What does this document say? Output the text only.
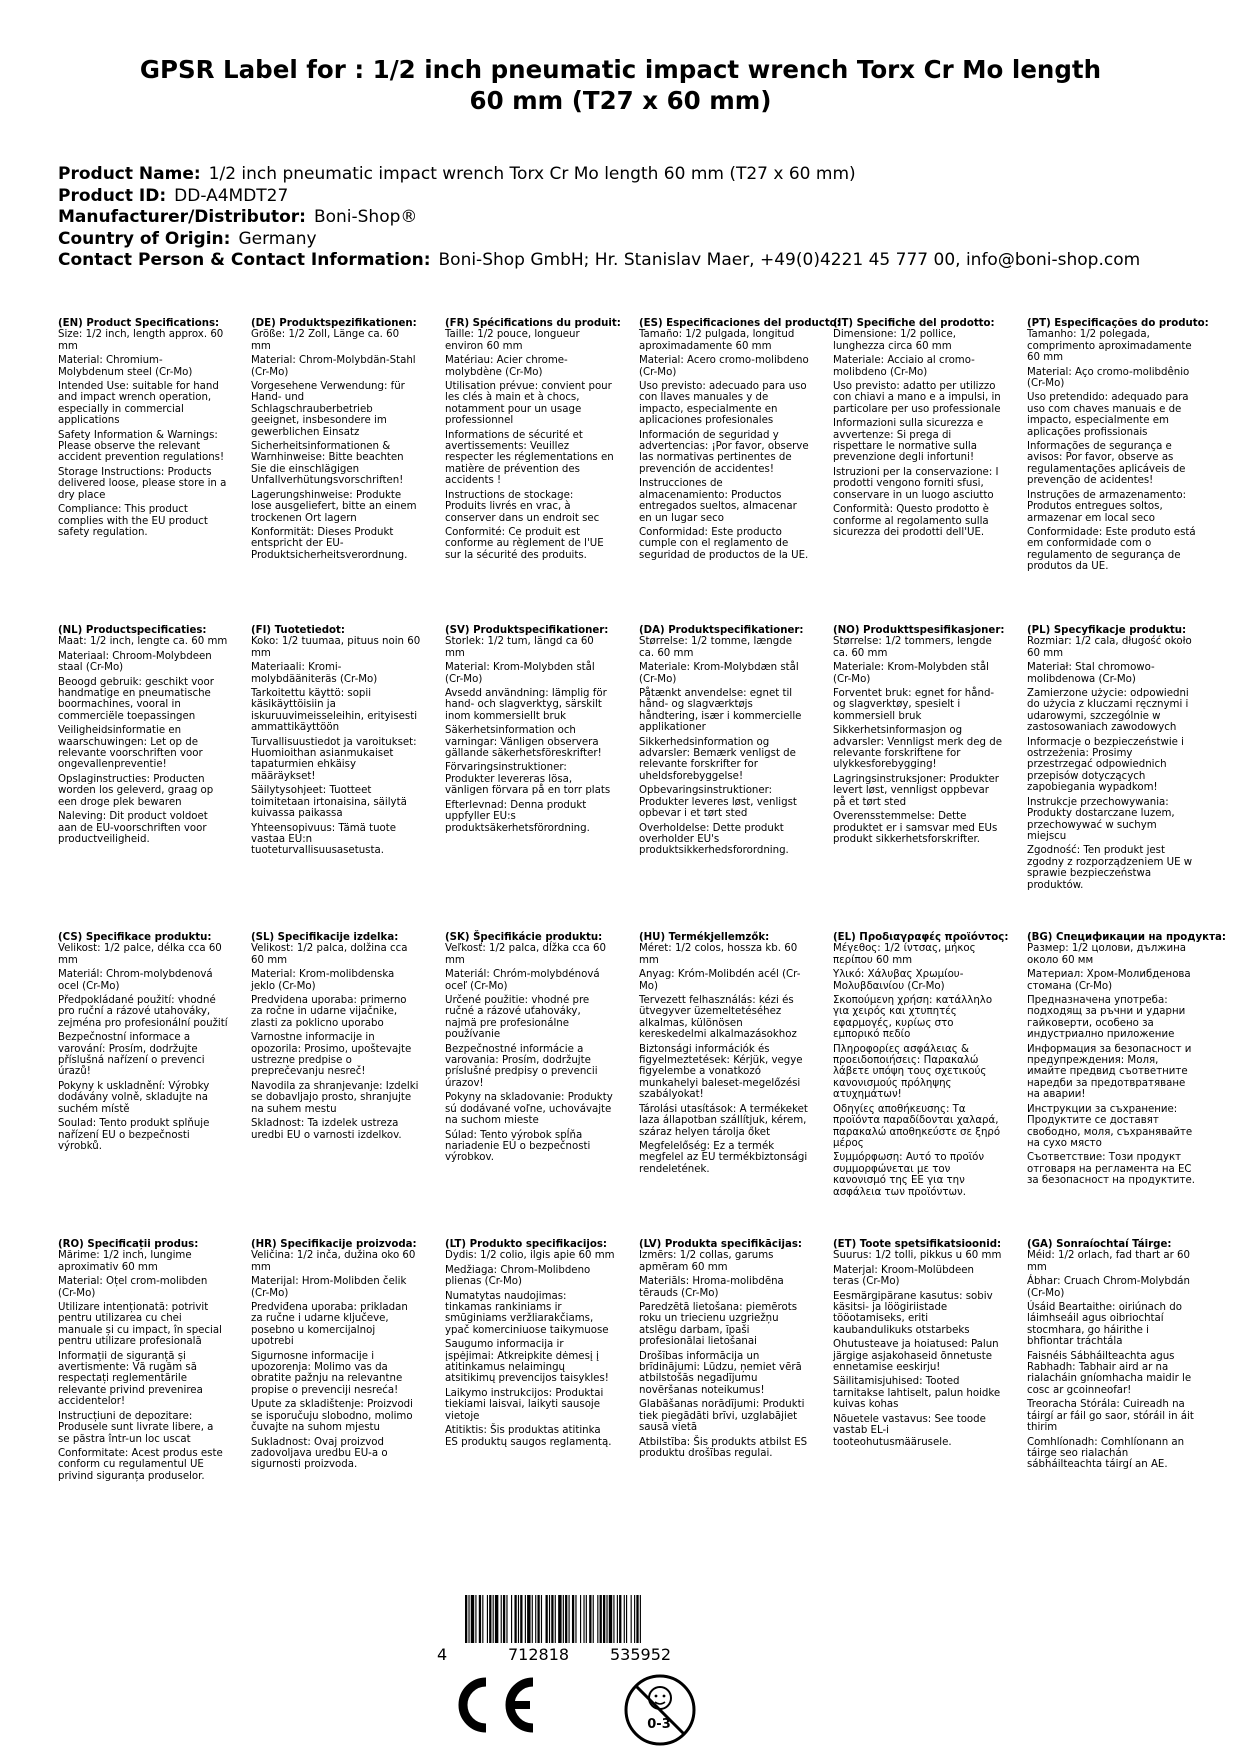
GPSR Label for : 1/2 inch pneumatic impact wrench Torx Cr Mo length
60 mm (T27 x 60 mm)
Product Name: 1/2 inch pneumatic impact wrench Torx Cr Mo length 60 mm (T27 x 60 mm)
Product ID: DD-A4MDT27
Manufacturer/Distributor: Boni-Shop®
Country of Origin: Germany
Contact Person & Contact Information: Boni-Shop GmbH; Hr. Stanislav Maer, +49(0)4221 45 777 00, info@boni-shop.com
(EN) Product Specifications:
Size: 1/2 inch, length approx. 60 mm
Material: Chromium-Molybdenum steel (Cr-Mo)
Intended Use: suitable for hand and impact wrench operation, especially in commercial applications
Safety Information & Warnings: Please observe the relevant accident prevention regulations!
Storage Instructions: Products delivered loose, please store in a dry place
Compliance: This product complies with the EU product safety regulation.
(DE) Produktspezifikationen:
Größe: 1/2 Zoll, Länge ca. 60 mm
Material: Chrom-Molybdän-Stahl (Cr-Mo)
Vorgesehene Verwendung: für Hand- und Schlagschrauberbetrieb geeignet, insbesondere im gewerblichen Einsatz
Sicherheitsinformationen & Warnhinweise: Bitte beachten Sie die einschlägigen Unfallverhütungsvorschriften!
Lagerungshinweise: Produkte lose ausgeliefert, bitte an einem trockenen Ort lagern
Konformität: Dieses Produkt entspricht der EU-Produktsicherheitsverordnung.
(FR) Spécifications du produit:
Taille: 1/2 pouce, longueur environ 60 mm
Matériau: Acier chrome-molybdène (Cr-Mo)
Utilisation prévue: convient pour les clés à main et à chocs, notamment pour un usage professionnel
Informations de sécurité et avertissements: Veuillez respecter les réglementations en matière de prévention des accidents !
Instructions de stockage: Produits livrés en vrac, à conserver dans un endroit sec
Conformité: Ce produit est conforme au règlement de l'UE sur la sécurité des produits.
(ES) Especificaciones del producto:
Tamaño: 1/2 pulgada, longitud aproximadamente 60 mm
Material: Acero cromo-molibdeno (Cr-Mo)
Uso previsto: adecuado para uso con llaves manuales y de impacto, especialmente en aplicaciones profesionales
Información de seguridad y advertencias: ¡Por favor, observe las normativas pertinentes de prevención de accidentes!
Instrucciones de almacenamiento: Productos entregados sueltos, almacenar en un lugar seco
Conformidad: Este producto cumple con el reglamento de seguridad de productos de la UE.
(IT) Specifiche del prodotto:
Dimensione: 1/2 pollice, lunghezza circa 60 mm
Materiale: Acciaio al cromo-molibdeno (Cr-Mo)
Uso previsto: adatto per utilizzo con chiavi a mano e a impulsi, in particolare per uso professionale
Informazioni sulla sicurezza e avvertenze: Si prega di rispettare le normative sulla prevenzione degli infortuni!
Istruzioni per la conservazione: I prodotti vengono forniti sfusi, conservare in un luogo asciutto
Conformità: Questo prodotto è conforme al regolamento sulla sicurezza dei prodotti dell'UE.
(PT) Especificações do produto:
Tamanho: 1/2 polegada, comprimento aproximadamente 60 mm
Material: Aço cromo-molibdênio (Cr-Mo)
Uso pretendido: adequado para uso com chaves manuais e de impacto, especialmente em aplicações profissionais
Informações de segurança e avisos: Por favor, observe as regulamentações aplicáveis de prevenção de acidentes!
Instruções de armazenamento: Produtos entregues soltos, armazenar em local seco
Conformidade: Este produto está em conformidade com o regulamento de segurança de produtos da UE.
(NL) Productspecificaties:
Maat: 1/2 inch, lengte ca. 60 mm
Materiaal: Chroom-Molybdeen staal (Cr-Mo)
Beoogd gebruik: geschikt voor handmatige en pneumatische boormachines, vooral in commerciële toepassingen
Veiligheidsinformatie en waarschuwingen: Let op de relevante voorschriften voor ongevallenpreventie!
Opslaginstructies: Producten worden los geleverd, graag op een droge plek bewaren
Naleving: Dit product voldoet aan de EU-voorschriften voor productveiligheid.
(FI) Tuotetiedot:
Koko: 1/2 tuumaa, pituus noin 60 mm
Materiaali: Kromi-molybdääniteräs (Cr-Mo)
Tarkoitettu käyttö: sopii käsikäyttöisiin ja iskuruuvimeisseleihin, erityisesti ammattikäyttöön
Turvallisuustiedot ja varoitukset: Huomioithan asianmukaiset tapaturmien ehkäisy määräykset!
Säilytysohjeet: Tuotteet toimitetaan irtonaisina, säilytä kuivassa paikassa
Yhteensopivuus: Tämä tuote vastaa EU:n tuoteturvallisuusasetusta.
(SV) Produktspecifikationer:
Storlek: 1/2 tum, längd ca 60 mm
Material: Krom-Molybden stål (Cr-Mo)
Avsedd användning: lämplig för hand- och slagverktyg, särskilt inom kommersiellt bruk
Säkerhetsinformation och varningar: Vänligen observera gällande säkerhetsföreskrifter!
Förvaringsinstruktioner: Produkter levereras lösa, vänligen förvara på en torr plats
Efterlevnad: Denna produkt uppfyller EU:s produktsäkerhetsförordning.
(DA) Produktspecifikationer:
Størrelse: 1/2 tomme, længde ca. 60 mm
Materiale: Krom-Molybdæn stål (Cr-Mo)
Påtænkt anvendelse: egnet til hånd- og slagværktøjs håndtering, især i kommercielle applikationer
Sikkerhedsinformation og advarsler: Bemærk venligst de relevante forskrifter for uheldsforebyggelse!
Opbevaringsinstruktioner: Produkter leveres løst, venligst opbevar i et tørt sted
Overholdelse: Dette produkt overholder EU's produktsikkerhedsforordning.
(NO) Produkttspesifikasjoner:
Størrelse: 1/2 tommers, lengde ca. 60 mm
Materiale: Krom-Molybden stål (Cr-Mo)
Forventet bruk: egnet for hånd- og slagverktøy, spesielt i kommersiell bruk
Sikkerhetsinformasjon og advarsler: Vennligst merk deg de relevante forskriftene for ulykkesforebygging!
Lagringsinstruksjoner: Produkter levert løst, vennligst oppbevar på et tørt sted
Overensstemmelse: Dette produktet er i samsvar med EUs produkt sikkerhetsforskrifter.
(PL) Specyfikacje produktu:
Rozmiar: 1/2 cala, długość około 60 mm
Materiał: Stal chromowo-molibdenowa (Cr-Mo)
Zamierzone użycie: odpowiedni do użycia z kluczami ręcznymi i udarowymi, szczególnie w zastosowaniach zawodowych
Informacje o bezpieczeństwie i ostrzeżenia: Prosimy przestrzegać odpowiednich przepisów dotyczących zapobiegania wypadkom!
Instrukcje przechowywania: Produkty dostarczane luzem, przechowywać w suchym miejscu
Zgodność: Ten produkt jest zgodny z rozporządzeniem UE w sprawie bezpieczeństwa produktów.
(CS) Specifikace produktu:
Velikost: 1/2 palce, délka cca 60 mm
Materiál: Chrom-molybdenová ocel (Cr-Mo)
Předpokládané použití: vhodné pro ruční a rázové utahováky, zejména pro profesionální použití
Bezpečnostní informace a varování: Prosím, dodržujte příslušná nařízení o prevenci úrazů!
Pokyny k uskladnění: Výrobky dodávány volně, skladujte na suchém místě
Soulad: Tento produkt splňuje nařízení EU o bezpečnosti výrobků.
(SL) Specifikacije izdelka:
Velikost: 1/2 palca, dolžina cca 60 mm
Material: Krom-molibdenska jeklo (Cr-Mo)
Predvidena uporaba: primerno za ročne in udarne vijačnike, zlasti za poklicno uporabo
Varnostne informacije in opozorila: Prosimo, upoštevajte ustrezne predpise o preprečevanju nesreč!
Navodila za shranjevanje: Izdelki se dobavljajo prosto, shranjujte na suhem mestu
Skladnost: Ta izdelek ustreza uredbi EU o varnosti izdelkov.
(SK) Špecifikácie produktu:
Veľkosť: 1/2 palca, dĺžka cca 60 mm
Materiál: Chróm-molybdénová oceľ (Cr-Mo)
Určené použitie: vhodné pre ručné a rázové uťahováky, najmä pre profesionálne používanie
Bezpečnostné informácie a varovania: Prosím, dodržujte príslušné predpisy o prevencii úrazov!
Pokyny na skladovanie: Produkty sú dodávané voľne, uchovávajte na suchom mieste
Súlad: Tento výrobok spĺňa nariadenie EÚ o bezpečnosti výrobkov.
(HU) Termékjellemzők:
Méret: 1/2 colos, hossza kb. 60 mm
Anyag: Króm-Molibdén acél (Cr-Mo)
Tervezett felhasználás: kézi és ütvegyver üzemeltetéséhez alkalmas, különösen kereskedelmi alkalmazásokhoz
Biztonsági információk és figyelmeztetések: Kérjük, vegye figyelembe a vonatkozó munkahelyi baleset-megelőzési szabályokat!
Tárolási utasítások: A termékeket laza állapotban szállítjuk, kérem, száraz helyen tárolja őket
Megfelelőség: Ez a termék megfelel az EU termékbiztonsági rendeletének.
(EL) Προδιαγραφές προϊόντος:
Μέγεθος: 1/2 ίντσας, μήκος περίπου 60 mm
Υλικό: Χάλυβας Χρωμίου-Μολυβδαινίου (Cr-Mo)
Σκοπούμενη χρήση: κατάλληλο για χειρός και χτυπητές εφαρμογές, κυρίως στο εμπορικό πεδίο
Πληροφορίες ασφάλειας & προειδοποιήσεις: Παρακαλώ λάβετε υπόψη τους σχετικούς κανονισμούς πρόληψης ατυχημάτων!
Οδηγίες αποθήκευσης: Τα προϊόντα παραδίδονται χαλαρά, παρακαλώ αποθηκεύστε σε ξηρό μέρος
Συμμόρφωση: Αυτό το προϊόν συμμορφώνεται με τον κανονισμό της ΕΕ για την ασφάλεια των προϊόντων.
(BG) Спецификации на продукта:
Размер: 1/2 цолови, дължина около 60 мм
Материал: Хром-Молибденова стомана (Cr-Mo)
Предназначена употреба: подходящ за ръчни и ударни гайковерти, особено за индустриално приложение
Информация за безопасност и предупреждения: Моля, имайте предвид съответните наредби за предотвратяване на аварии!
Инструкции за съхранение: Продуктите се доставят свободно, моля, съхранявайте на сухо място
Съответствие: Този продукт отговаря на регламента на ЕС за безопасност на продуктите.
(RO) Specificații produs:
Mărime: 1/2 inch, lungime aproximativ 60 mm
Material: Oțel crom-molibden (Cr-Mo)
Utilizare intenționată: potrivit pentru utilizarea cu chei manuale și cu impact, în special pentru utilizare profesională
Informații de siguranță și avertismente: Vă rugăm să respectați reglementările relevante privind prevenirea accidentelor!
Instrucțiuni de depozitare: Produsele sunt livrate libere, a se păstra într-un loc uscat
Conformitate: Acest produs este conform cu regulamentul UE privind siguranța produselor.
(HR) Specifikacije proizvoda:
Veličina: 1/2 inča, dužina oko 60 mm
Materijal: Hrom-Molibden čelik (Cr-Mo)
Predviđena uporaba: prikladan za ručne i udarne ključeve, posebno u komercijalnoj upotrebi
Sigurnosne informacije i upozorenja: Molimo vas da obratite pažnju na relevantne propise o prevenciji nesreća!
Upute za skladištenje: Proizvodi se isporučuju slobodno, molimo čuvajte na suhom mjestu
Sukladnost: Ovaj proizvod zadovoljava uredbu EU-a o sigurnosti proizvoda.
(LT) Produkto specifikacijos:
Dydis: 1/2 colio, ilgis apie 60 mm
Medžiaga: Chrom-Molibdeno plienas (Cr-Mo)
Numatytas naudojimas: tinkamas rankiniams ir smūginiams veržliarakčiams, ypač komerciniuose taikymuose
Saugumo informacija ir įspėjimai: Atkreipkite dėmesį į atitinkamus nelaimingų atsitikimų prevencijos taisykles!
Laikymo instrukcijos: Produktai tiekiami laisvai, laikyti sausoje vietoje
Atitiktis: Šis produktas atitinka ES produktų saugos reglamentą.
(LV) Produkta specifikācijas:
Izmērs: 1/2 collas, garums apmēram 60 mm
Materiāls: Hroma-molibdēna tērauds (Cr-Mo)
Paredzētā lietošana: piemērots roku un triecienu uzgriežņu atslēgu darbam, īpaši profesionālai lietošanai
Drošības informācija un brīdinājumi: Lūdzu, ņemiet vērā atbilstošās negadījumu novēršanas noteikumus!
Glabāšanas norādījumi: Produkti tiek piegādāti brīvi, uzglabājiet sausā vietā
Atbilstība: Šis produkts atbilst ES produktu drošības regulai.
(ET) Toote spetsifikatsioonid:
Suurus: 1/2 tolli, pikkus u 60 mm
Materjal: Kroom-Molübdeen teras (Cr-Mo)
Eesmärgipärane kasutus: sobiv käsitsi- ja löögiriistade tööotamiseks, eriti kaubandulikuks otstarbeks
Ohutusteave ja hoiatused: Palun järgige asjakohaseid õnnetuste ennetamise eeskirju!
Säilitamisjuhised: Tooted tarnitakse lahtiselt, palun hoidke kuivas kohas
Nõuetele vastavus: See toode vastab EL-i tooteohutusmäärusele.
(GA) Sonraíochtaí Táirge:
Méid: 1/2 orlach, fad thart ar 60 mm
Ábhar: Cruach Chrom-Molybdán (Cr-Mo)
Úsáid Beartaithe: oiriúnach do láimhseáil agus oibriochtaí stocmhara, go háirithe i bhfiontar tráchtála
Faisnéis Sábháilteachta agus Rabhadh: Tabhair aird ar na rialacháin gníomhacha maidir le cosc ar gcoinneofar!
Treoracha Stórála: Cuireadh na táirgí ar fáil go saor, stóráil in áit thirim
Comhlíonadh: Comhlíonann an táirge seo rialachán sábháilteachta táirgí an AE.
4	712818	535952
0-3
